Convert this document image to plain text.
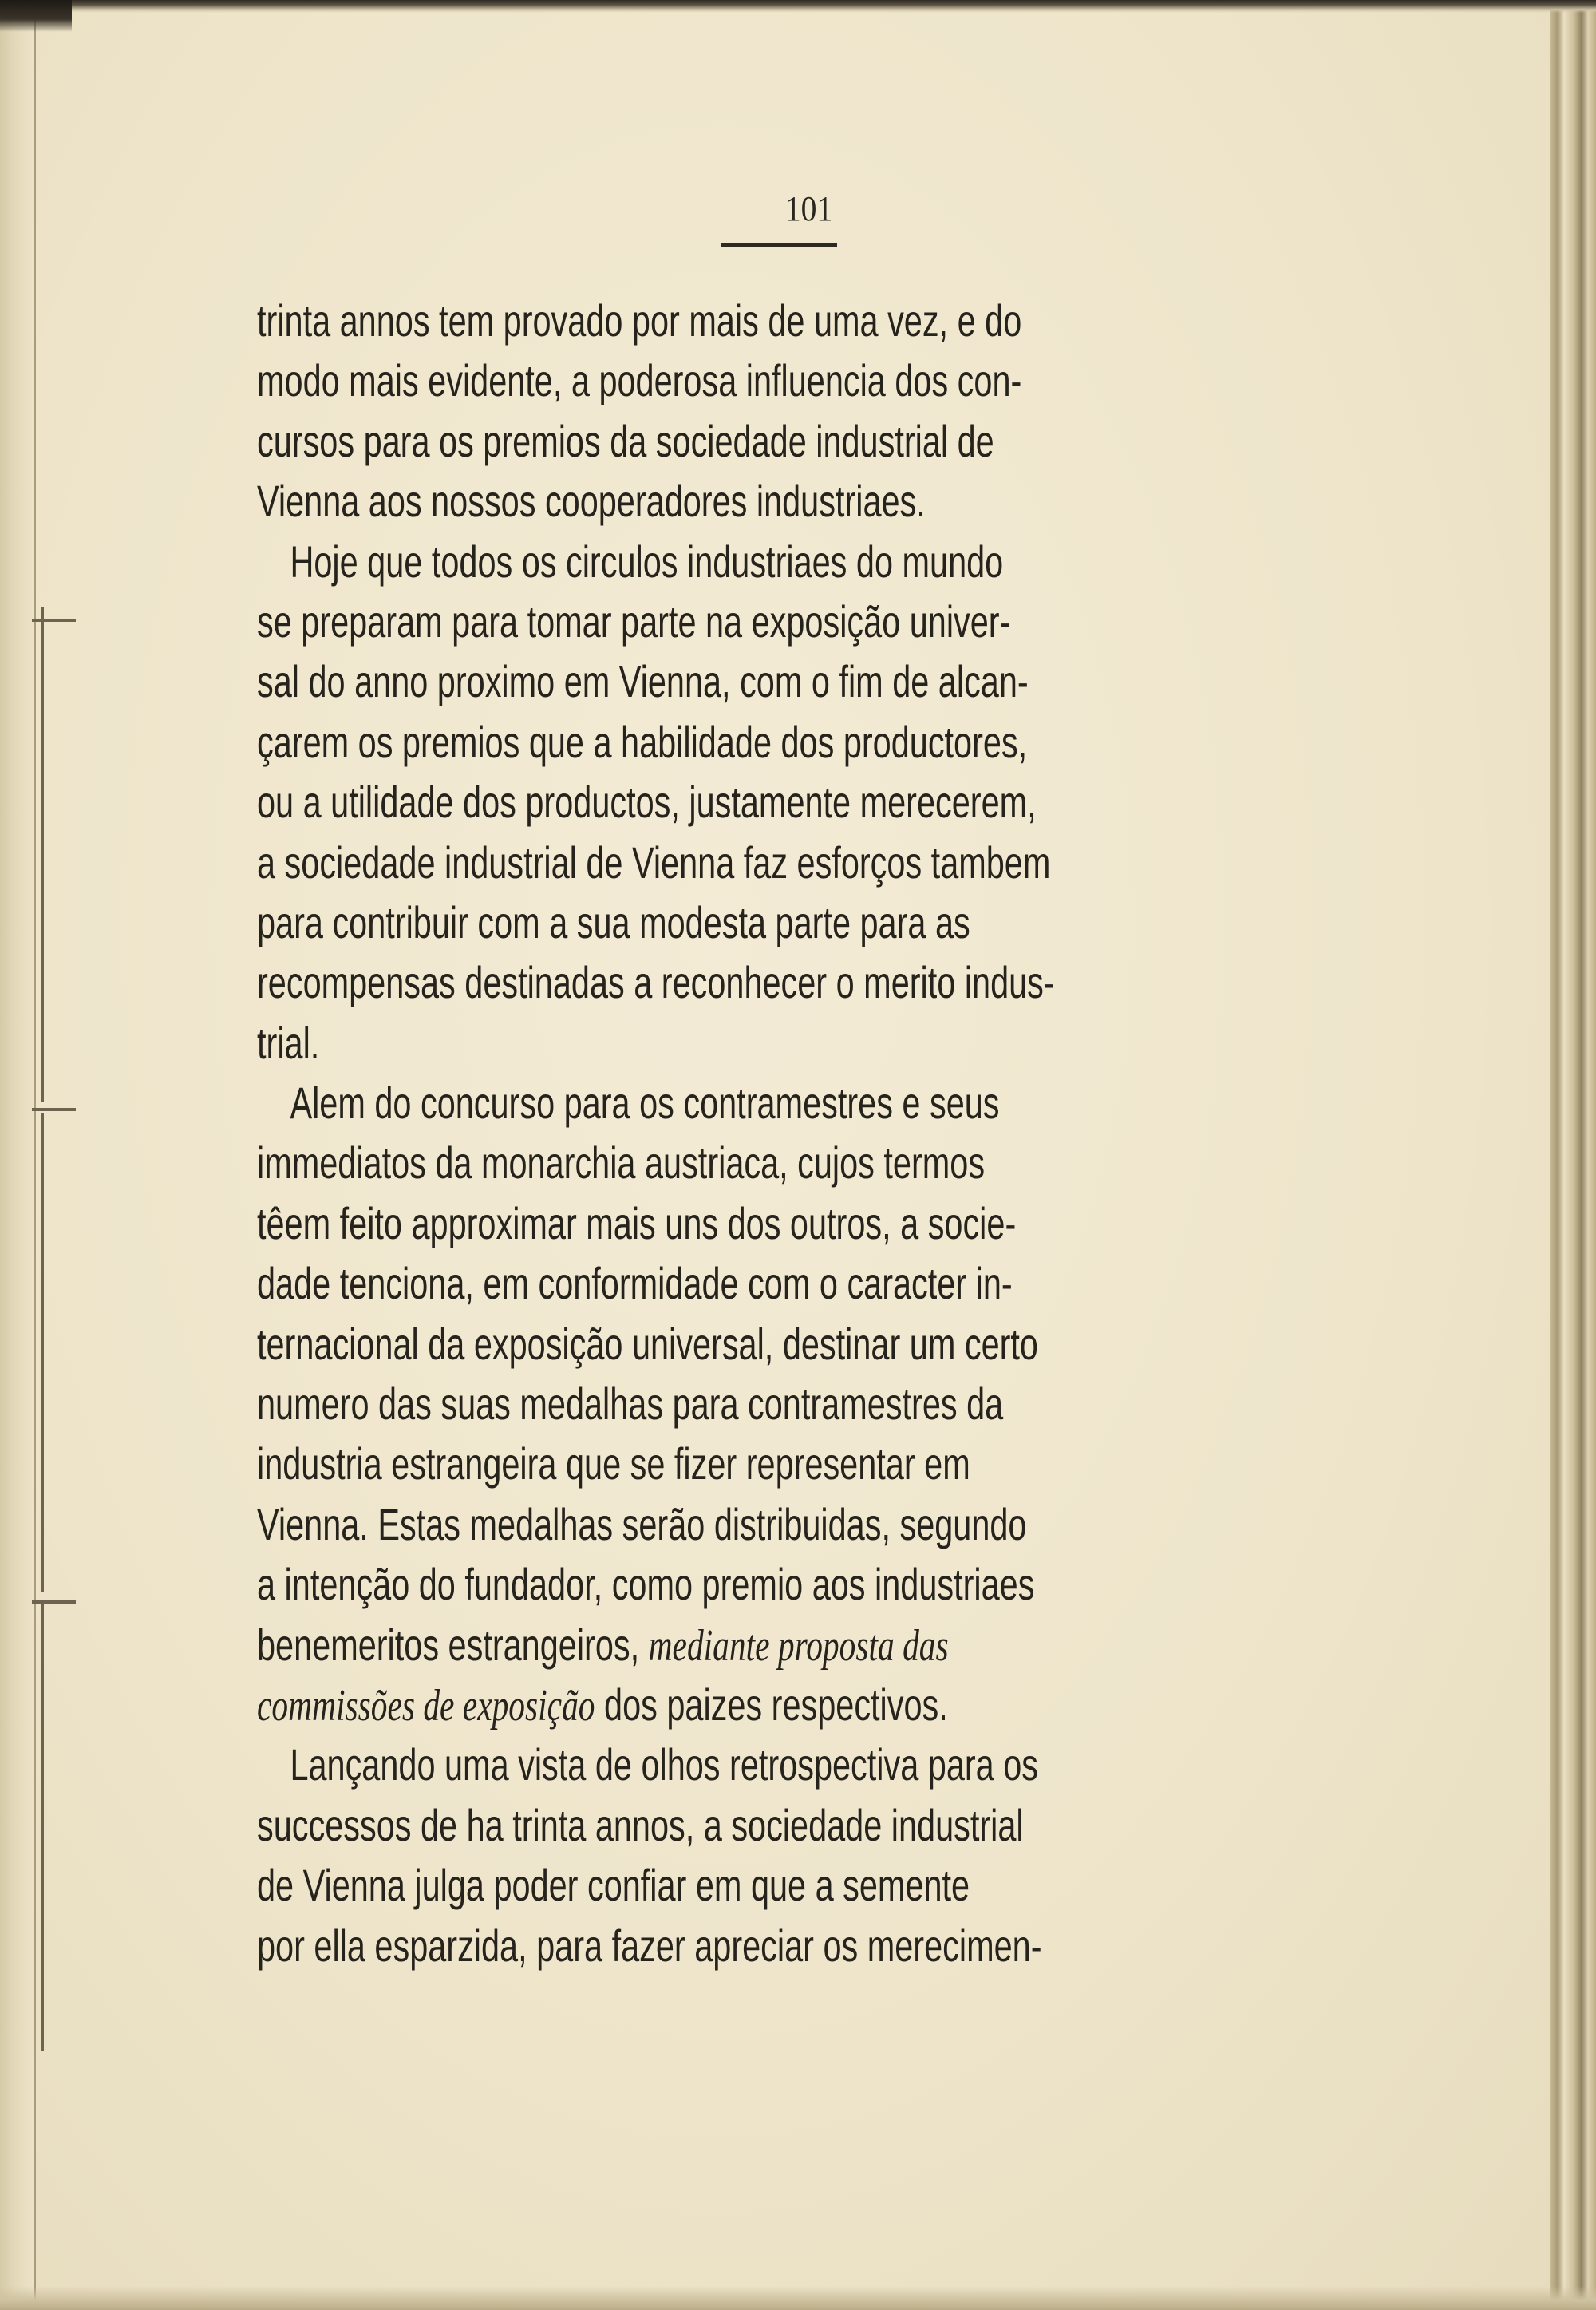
101
trinta annos tem provado por mais de uma vez, e do
modo mais evidente, a poderosa influencia dos con-
cursos para os premios da sociedade industrial de
Vienna aos nossos cooperadores industriaes.
Hoje que todos os circulos industriaes do mundo
se preparam para tomar parte na exposição univer-
sal do anno proximo em Vienna, com o fim de alcan-
çarem os premios que a habilidade dos productores,
ou a utilidade dos productos, justamente merecerem,
a sociedade industrial de Vienna faz esforços tambem
para contribuir com a sua modesta parte para as
recompensas destinadas a reconhecer o merito indus-
trial.
Alem do concurso para os contramestres e seus
immediatos da monarchia austriaca, cujos termos
têem feito approximar mais uns dos outros, a socie-
dade tenciona, em conformidade com o caracter in-
ternacional da exposição universal, destinar um certo
numero das suas medalhas para contramestres da
industria estrangeira que se fizer representar em
Vienna. Estas medalhas serão distribuidas, segundo
a intenção do fundador, como premio aos industriaes
benemeritos estrangeiros, mediante proposta das
commissões de exposição dos paizes respectivos.
Lançando uma vista de olhos retrospectiva para os
successos de ha trinta annos, a sociedade industrial
de Vienna julga poder confiar em que a semente
por ella esparzida, para fazer apreciar os merecimen-
